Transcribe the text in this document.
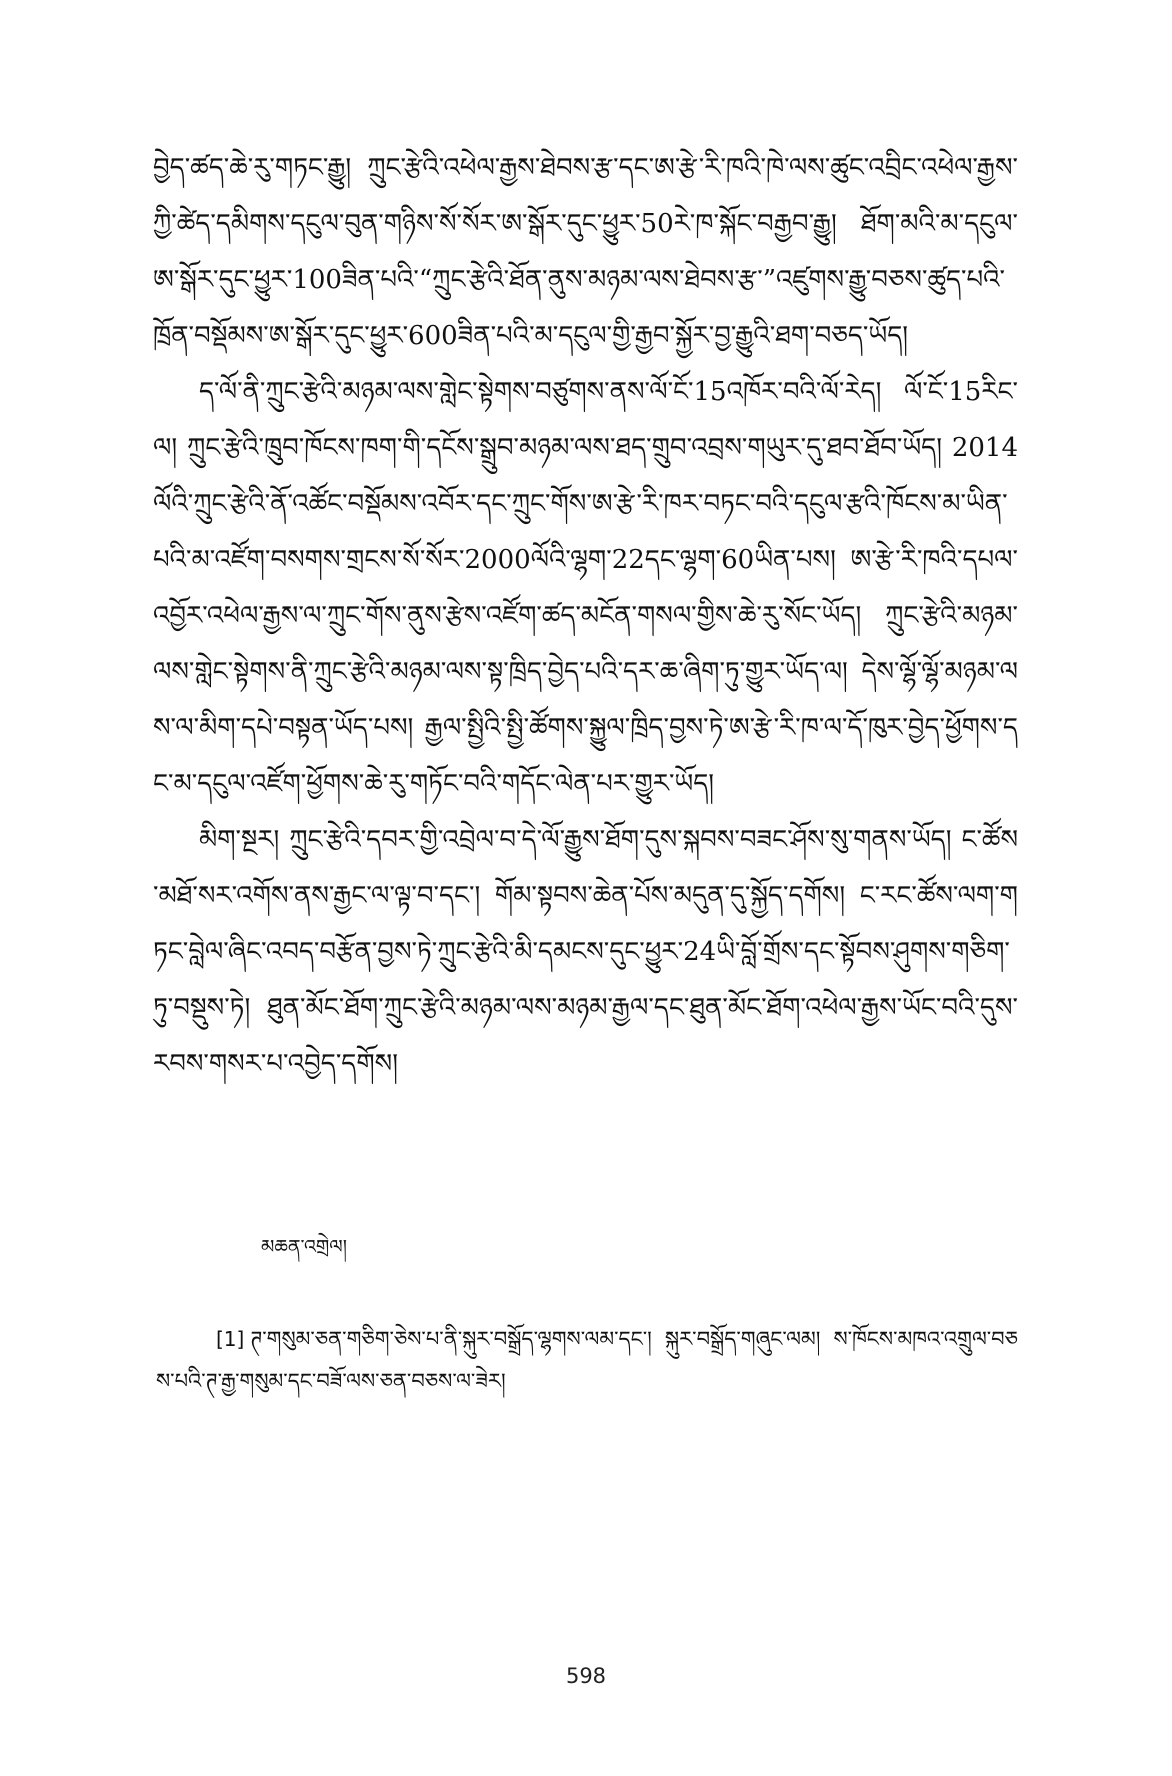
བྱེད་ཚད་ཆེ་རུ་གཏང་རྒྱུ། ཀྲུང་རྩེའི་འཕེལ་རྒྱས་ཐེབས་རྩ་དང་ཨ་རྩེ་རི་ཁའི་ཁེ་ལས་ཚུང་འབྲིང་འཕེལ་རྒྱས་ཀྱི་ཚེད་དམིགས་དངུལ་བུན་གཉིས་སོ་སོར་ཨ་སྒོར་དུང་ཕྱུར་50རེ་ཁ་སྐོང་བརྒྱབ་རྒྱུ། ཐོག་མའི་མ་དངུལ་ཨ་སྒོར་དུང་ཕྱུར་100ཟིན་པའི་“ཀྲུང་རྩེའི་ཐོན་ནུས་མཉམ་ལས་ཐེབས་རྩ་”འཛུགས་རྒྱུ་བཅས་ཚུད་པའི་ཁྲོན་བསྡོམས་ཨ་སྒོར་དུང་ཕྱུར་600ཟིན་པའི་མ་དངུལ་གྱི་རྒྱབ་སྐྱོར་བྱ་རྒྱུའི་ཐག་བཅད་ཡོད།

ད་ལོ་ནི་ཀྲུང་རྩེའི་མཉམ་ལས་གླེང་སྟེགས་བཙུགས་ནས་ལོ་ངོ་15འཁོར་བའི་ལོ་རེད། ལོ་ངོ་15རིང་ལ། ཀྲུང་རྩེའི་ཁྲུབ་ཁོངས་ཁག་གི་དངོས་སྒྲུབ་མཉམ་ལས་ཐད་གྲུབ་འབྲས་གཡུར་དུ་ཐབ་ཐོབ་ཡོད། 2014ལོའི་ཀྲུང་རྩེའི་ནོ་འཚོང་བསྡོམས་འབོར་དང་ཀྲུང་གོས་ཨ་རྩེ་རི་ཁར་བཏང་བའི་དངུལ་རྩའི་ཁོངས་མ་ཡིན་པའི་མ་འཛོག་བསགས་གྲངས་སོ་སོར་2000ལོའི་ལྷག་22དང་ལྷག་60ཡིན་པས། ཨ་རྩེ་རི་ཁའི་དཔལ་འབྱོར་འཕེལ་རྒྱས་ལ་ཀྲུང་གོས་ནུས་རྩེས་འཛོག་ཚད་མངོན་གསལ་གྱིས་ཆེ་རུ་སོང་ཡོད། ཀྲུང་རྩེའི་མཉམ་ལས་གླེང་སྟེགས་ནི་ཀྲུང་རྩེའི་མཉམ་ལས་སྟ་ཁྲིད་བྱེད་པའི་དར་ཆ་ཞིག་ཏུ་གྱུར་ཡོད་ལ། དེས་ལྷོ་ལྷོ་མཉམ་ལས་ལ་མིག་དཔེ་བསྟན་ཡོད་པས། རྒྱལ་སྤྱིའི་སྤྱི་ཚོགས་སྐྱུལ་ཁྲིད་བྱས་ཏེ་ཨ་རྩེ་རི་ཁ་ལ་དོ་ཁུར་བྱེད་ཕྱོགས་དང་མ་དངུལ་འཛོག་ཕྱོགས་ཆེ་རུ་གཏོང་བའི་གདོང་ལེན་པར་གྱུར་ཡོད།

མིག་སྔར། ཀྲུང་རྩེའི་དབར་གྱི་འབྲེལ་བ་དེ་ལོ་རྒྱུས་ཐོག་དུས་སྐབས་བཟང་ཤོས་སུ་གནས་ཡོད། ང་ཚོས་མཐོ་སར་འགོས་ནས་རྒྱང་ལ་ལྟ་བ་དང་། གོམ་སྟབས་ཆེན་པོས་མདུན་དུ་སྐྱོད་དགོས། ང་རང་ཚོས་ལག་གཏང་བླེལ་ཞིང་འབད་བརྩོན་བྱས་ཏེ་ཀྲུང་རྩེའི་མི་དམངས་དུང་ཕྱུར་24ཡི་བློ་གྲོས་དང་སྟོབས་ཤུགས་གཅིག་ཏུ་བསྡུས་ཏེ། ཐུན་མོང་ཐོག་ཀྲུང་རྩེའི་མཉམ་ལས་མཉམ་རྒྱལ་དང་ཐུན་མོང་ཐོག་འཕེལ་རྒྱས་ཡོང་བའི་དུས་རབས་གསར་པ་འབྱེད་དགོས།

མཆན་འགྲེལ།
[1] ཊ་གསུམ་ཅན་གཅིག་ཅེས་པ་ནི་སྐུར་བསྒྲོད་ལྷགས་ལམ་དང་། སྐུར་བསྒྲོད་གཞུང་ལམ། ས་ཁོངས་མཁའ་འགྲུལ་བཅས་པའི་ཊ་རྒྱ་གསུམ་དང་བཟོ་ལས་ཅན་བཅས་ལ་ཟེར།
598
